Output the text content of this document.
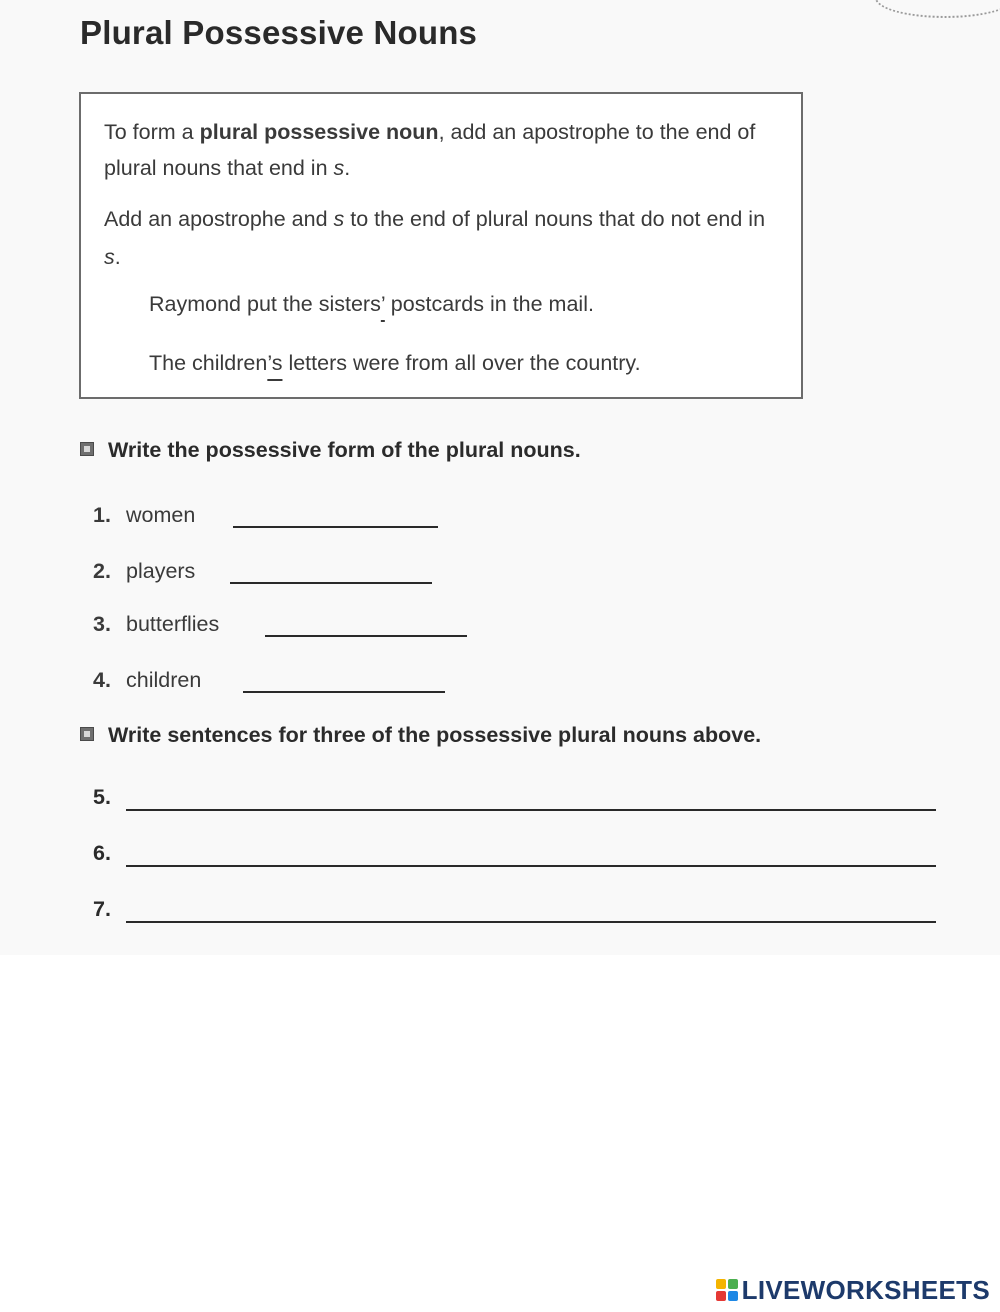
Plural Possessive Nouns

To form a plural possessive noun, add an apostrophe to the end of plural nouns that end in s.

Add an apostrophe and s to the end of plural nouns that do not end in s.

Raymond put the sisters’ postcards in the mail.

The children’s letters were from all over the country.

Write the possessive form of the plural nouns.

1. women
2. players
3. butterflies
4. children

Write sentences for three of the possessive plural nouns above.

5.
6.
7.
LIVEWORKSHEETS
